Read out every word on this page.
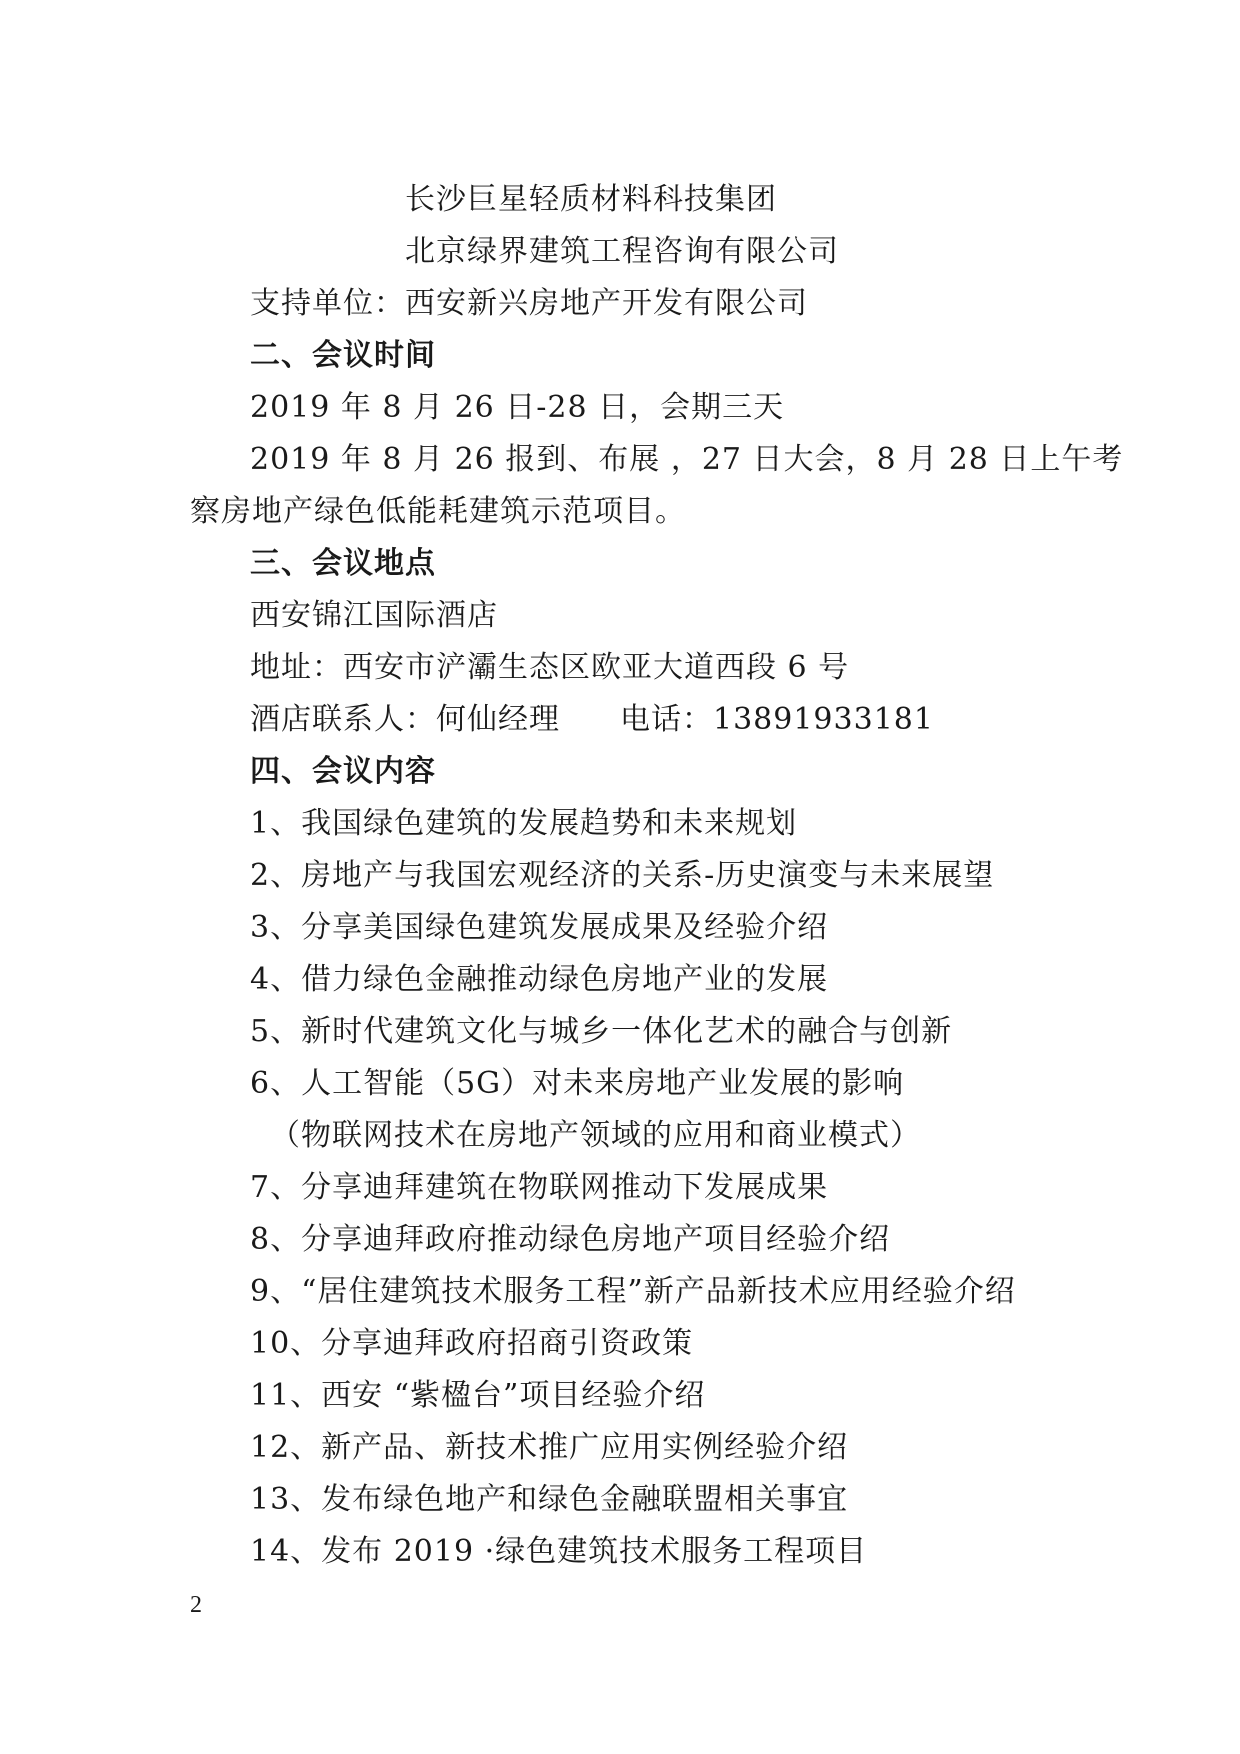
长沙巨星轻质材料科技集团
北京绿界建筑工程咨询有限公司
支持单位：西安新兴房地产开发有限公司
二、会议时间
2019 年 8 月 26 日-28 日，会期三天
2019 年 8 月 26 报到、布展 ，27 日大会，8 月 28 日上午考
察房地产绿色低能耗建筑示范项目。
三、会议地点
西安锦江国际酒店
地址：西安市浐灞生态区欧亚大道西段 6 号
酒店联系人：何仙经理 电话：13891933181
四、会议内容
1、我国绿色建筑的发展趋势和未来规划
2、房地产与我国宏观经济的关系-历史演变与未来展望
3、分享美国绿色建筑发展成果及经验介绍
4、借力绿色金融推动绿色房地产业的发展
5、新时代建筑文化与城乡一体化艺术的融合与创新
6、人工智能（5G）对未来房地产业发展的影响
（物联网技术在房地产领域的应用和商业模式）
7、分享迪拜建筑在物联网推动下发展成果
8、分享迪拜政府推动绿色房地产项目经验介绍
9、“居住建筑技术服务工程”新产品新技术应用经验介绍
10、分享迪拜政府招商引资政策
11、西安 “紫楹台”项目经验介绍
12、新产品、新技术推广应用实例经验介绍
13、发布绿色地产和绿色金融联盟相关事宜
14、发布 2019 ·绿色建筑技术服务工程项目
2
